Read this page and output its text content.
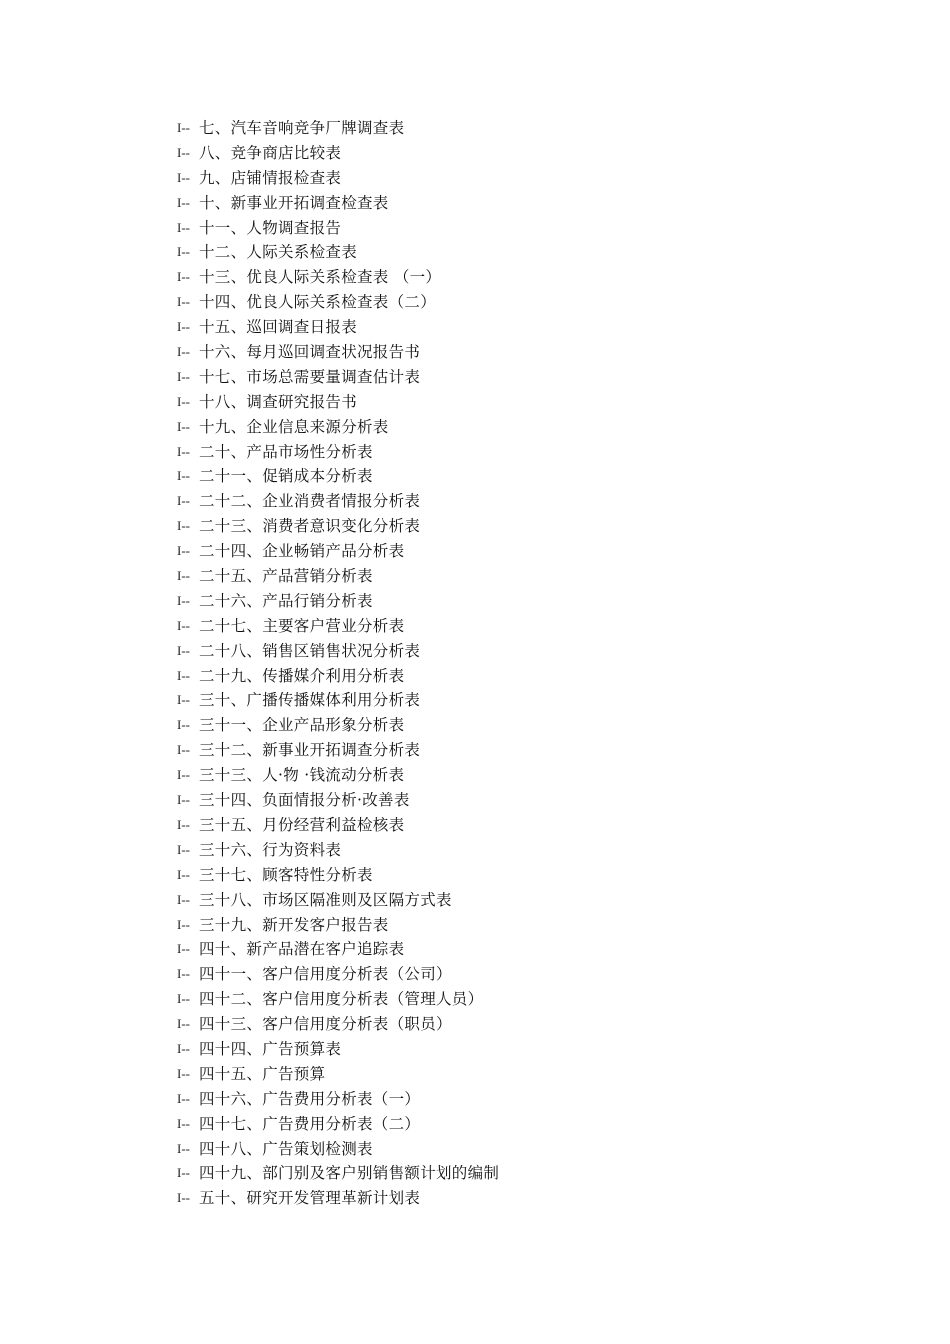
I-- 七、汽车音响竞争厂牌调查表
I-- 八、竞争商店比较表
I-- 九、店铺情报检查表
I-- 十、新事业开拓调查检查表
I-- 十一、人物调查报告
I-- 十二、人际关系检查表
I-- 十三、优良人际关系检查表 （一）
I-- 十四、优良人际关系检查表（二）
I-- 十五、巡回调查日报表
I-- 十六、每月巡回调查状况报告书
I-- 十七、市场总需要量调查估计表
I-- 十八、调查研究报告书
I-- 十九、企业信息来源分析表
I-- 二十、产品市场性分析表
I-- 二十一、促销成本分析表
I-- 二十二、企业消费者情报分析表
I-- 二十三、消费者意识变化分析表
I-- 二十四、企业畅销产品分析表
I-- 二十五、产品营销分析表
I-- 二十六、产品行销分析表
I-- 二十七、主要客户营业分析表
I-- 二十八、销售区销售状况分析表
I-- 二十九、传播媒介利用分析表
I-- 三十、广播传播媒体利用分析表
I-- 三十一、企业产品形象分析表
I-- 三十二、新事业开拓调查分析表
I-- 三十三、人·物 ·钱流动分析表
I-- 三十四、负面情报分析·改善表
I-- 三十五、月份经营利益检核表
I-- 三十六、行为资料表
I-- 三十七、顾客特性分析表
I-- 三十八、市场区隔准则及区隔方式表
I-- 三十九、新开发客户报告表
I-- 四十、新产品潜在客户追踪表
I-- 四十一、客户信用度分析表（公司）
I-- 四十二、客户信用度分析表（管理人员）
I-- 四十三、客户信用度分析表（职员）
I-- 四十四、广告预算表
I-- 四十五、广告预算
I-- 四十六、广告费用分析表（一）
I-- 四十七、广告费用分析表（二）
I-- 四十八、广告策划检测表
I-- 四十九、部门别及客户别销售额计划的编制
I-- 五十、研究开发管理革新计划表
